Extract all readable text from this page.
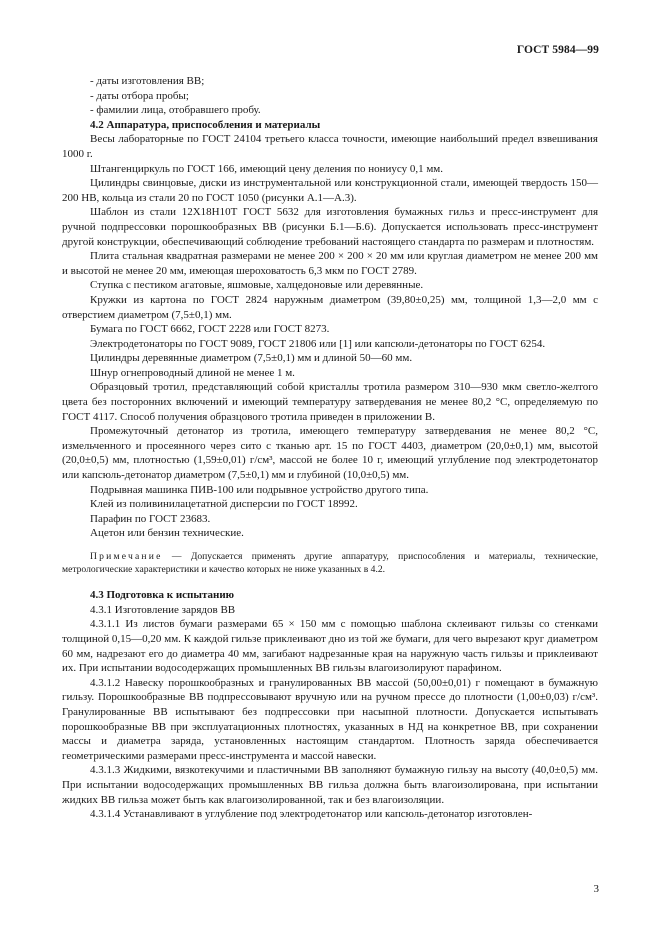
ГОСТ 5984—99

- даты изготовления ВВ;

- даты отбора пробы;

- фамилии лица, отобравшего пробу.

4.2 Аппаратура, приспособления и материалы

Весы лабораторные по ГОСТ 24104 третьего класса точности, имеющие наибольший предел взвешивания 1000 г.

Штангенциркуль по ГОСТ 166, имеющий цену деления по нониусу 0,1 мм.

Цилиндры свинцовые, диски из инструментальной или конструкционной стали, имеющей твердость 150—200 НВ, кольца из стали 20 по ГОСТ 1050 (рисунки А.1—А.3).

Шаблон из стали 12Х18Н10Т ГОСТ 5632 для изготовления бумажных гильз и пресс-инструмент для ручной подпрессовки порошкообразных ВВ (рисунки Б.1—Б.6). Допускается использовать пресс-инструмент другой конструкции, обеспечивающий соблюдение требований настоящего стандарта по размерам и плотностям.

Плита стальная квадратная размерами не менее 200 × 200 × 20 мм или круглая диаметром не менее 200 мм и высотой не менее 20 мм, имеющая шероховатость 6,3 мкм по ГОСТ 2789.

Ступка с пестиком агатовые, яшмовые, халцедоновые или деревянные.

Кружки из картона по ГОСТ 2824 наружным диаметром (39,80±0,25) мм, толщиной 1,3—2,0 мм с отверстием диаметром (7,5±0,1) мм.

Бумага по ГОСТ 6662, ГОСТ 2228 или ГОСТ 8273.

Электродетонаторы по ГОСТ 9089, ГОСТ 21806 или [1] или капсюли-детонаторы по ГОСТ 6254.

Цилиндры деревянные диаметром (7,5±0,1) мм и длиной 50—60 мм.

Шнур огнепроводный длиной не менее 1 м.

Образцовый тротил, представляющий собой кристаллы тротила размером 310—930 мкм светло-желтого цвета без посторонних включений и имеющий температуру затвердевания не менее 80,2 °С, определяемую по ГОСТ 4117. Способ получения образцового тротила приведен в приложении В.

Промежуточный детонатор из тротила, имеющего температуру затвердевания не менее 80,2 °С, измельченного и просеянного через сито с тканью арт. 15 по ГОСТ 4403, диаметром (20,0±0,1) мм, высотой (20,0±0,5) мм, плотностью (1,59±0,01) г/см³, массой не более 10 г, имеющий углубление под электродетонатор или капсюль-детонатор диаметром (7,5±0,1) мм и глубиной (10,0±0,5) мм.

Подрывная машинка ПИВ-100 или подрывное устройство другого типа.

Клей из поливинилацетатной дисперсии по ГОСТ 18992.

Парафин по ГОСТ 23683.

Ацетон или бензин технические.

Примечание — Допускается применять другие аппаратуру, приспособления и материалы, технические, метрологические характеристики и качество которых не ниже указанных в 4.2.

4.3 Подготовка к испытанию

4.3.1 Изготовление зарядов ВВ

4.3.1.1 Из листов бумаги размерами 65 × 150 мм с помощью шаблона склеивают гильзы со стенками толщиной 0,15—0,20 мм. К каждой гильзе приклеивают дно из той же бумаги, для чего вырезают круг диаметром 60 мм, надрезают его до диаметра 40 мм, загибают надрезанные края на наружную часть гильзы и приклеивают их. При испытании водосодержащих промышленных ВВ гильзы влагоизолируют парафином.

4.3.1.2 Навеску порошкообразных и гранулированных ВВ массой (50,00±0,01) г помещают в бумажную гильзу. Порошкообразные ВВ подпрессовывают вручную или на ручном прессе до плотности (1,00±0,03) г/см³. Гранулированные ВВ испытывают без подпрессовки при насыпной плотности. Допускается испытывать порошкообразные ВВ при эксплуатационных плотностях, указанных в НД на конкретное ВВ, при сохранении массы и диаметра заряда, установленных настоящим стандартом. Плотность заряда обеспечивается геометрическими размерами пресс-инструмента и массой навески.

4.3.1.3 Жидкими, вязкотекучими и пластичными ВВ заполняют бумажную гильзу на высоту (40,0±0,5) мм. При испытании водосодержащих промышленных ВВ гильза должна быть влагоизолирована, при испытании жидких ВВ гильза может быть как влагоизолированной, так и без влагоизоляции.

4.3.1.4 Устанавливают в углубление под электродетонатор или капсюль-детонатор изготовлен-

3
